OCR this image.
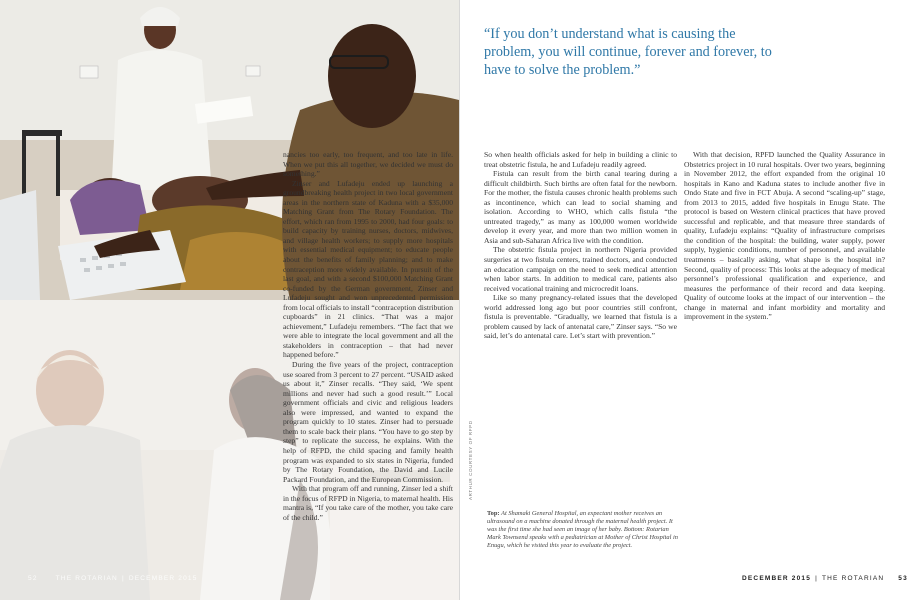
nancies too early, too frequent, and too late in life. When we put this all together, we decided we must do something.”

Zinser and Lufadeju ended up launching a groundbreaking health project in two local government areas in the northern state of Kaduna with a $35,000 Matching Grant from The Rotary Foundation. The effort, which ran from 1995 to 2000, had four goals: to build capacity by training nurses, doctors, midwives, and village health workers; to supply more hospitals with essential medical equipment; to educate people about the benefits of family planning; and to make contraception more widely available. In pursuit of the last goal, and with a second $100,000 Matching Grant co-funded by the German government, Zinser and Lufadeju sought and won unprecedented permission from local officials to install “contraception distribution cupboards” in 21 clinics. “That was a major achievement,” Lufadeju remembers. “The fact that we were able to integrate the local government and all the stakeholders in contraception – that had never happened before.”

During the five years of the project, contraception use soared from 3 percent to 27 percent. “USAID asked us about it,” Zinser recalls. “They said, ‘We spent millions and never had such a good result.’” Local government officials and civic and religious leaders also were impressed, and wanted to expand the program quickly to 10 states. Zinser had to persuade them to scale back their plans. “You have to go step by step” to replicate the success, he explains. With the help of RFPD, the child spacing and family health program was expanded to six states in Nigeria, funded by The Rotary Foundation, the David and Lucile Packard Foundation, and the European Commission.

With that program off and running, Zinser led a shift in the focus of RFPD in Nigeria, to maternal health. His mantra is, “If you take care of the mother, you take care of the child.”

“If you don’t understand what is causing the problem, you will continue, forever and forever, to have to solve the problem.”

So when health officials asked for help in building a clinic to treat obstetric fistula, he and Lufadeju readily agreed.

Fistula can result from the birth canal tearing during a difficult childbirth. Such births are often fatal for the newborn. For the mother, the fistula causes chronic health problems such as incontinence, which can lead to social shaming and isolation. According to WHO, which calls fistula “the untreated tragedy,” as many as 100,000 women worldwide develop it every year, and more than two million women in Asia and sub-Saharan Africa live with the condition.

The obstetric fistula project in northern Nigeria provided surgeries at two fistula centers, trained doctors, and conducted an education campaign on the need to seek medical attention when labor starts. In addition to medical care, patients also received vocational training and microcredit loans.

Like so many pregnancy-related issues that the developed world addressed long ago but poor countries still confront, fistula is preventable. “Gradually, we learned that fistula is a problem caused by lack of antenatal care,” Zinser says. “So we said, let’s do antenatal care. Let’s start with prevention.”

With that decision, RPFD launched the Quality Assurance in Obstetrics project in 10 rural hospitals. Over two years, beginning in November 2012, the effort expanded from the original 10 hospitals in Kano and Kaduna states to include another five in Ondo State and five in FCT Abuja. A second “scaling-up” stage, from 2013 to 2015, added five hospitals in Enugu State. The protocol is based on Western clinical practices that have proved successful and replicable, and that measure three standards of quality, Lufadeju explains: “Quality of infrastructure comprises the condition of the hospital: the building, water supply, power supply, hygienic conditions, number of personnel, and available treatments – basically asking, what shape is the hospital in? Second, quality of process: This looks at the adequacy of medical personnel’s professional qualification and experience, and measures the performance of their record and data keeping. Quality of outcome looks at the impact of our intervention – the change in maternal and infant morbidity and mortality and improvement in the system.”

ARTHUR COURTESY OF RFPD

Top: At Shamaki General Hospital, an expectant mother receives an ultrasound on a machine donated through the maternal health project. It was the first time she had seen an image of her baby. Bottom: Rotarian Mark Townsend speaks with a pediatrician at Mother of Christ Hospital in Enugu, which he visited this year to evaluate the project.

52	THE ROTARIAN | DECEMBER 2015	DECEMBER 2015 | THE ROTARIAN 53
